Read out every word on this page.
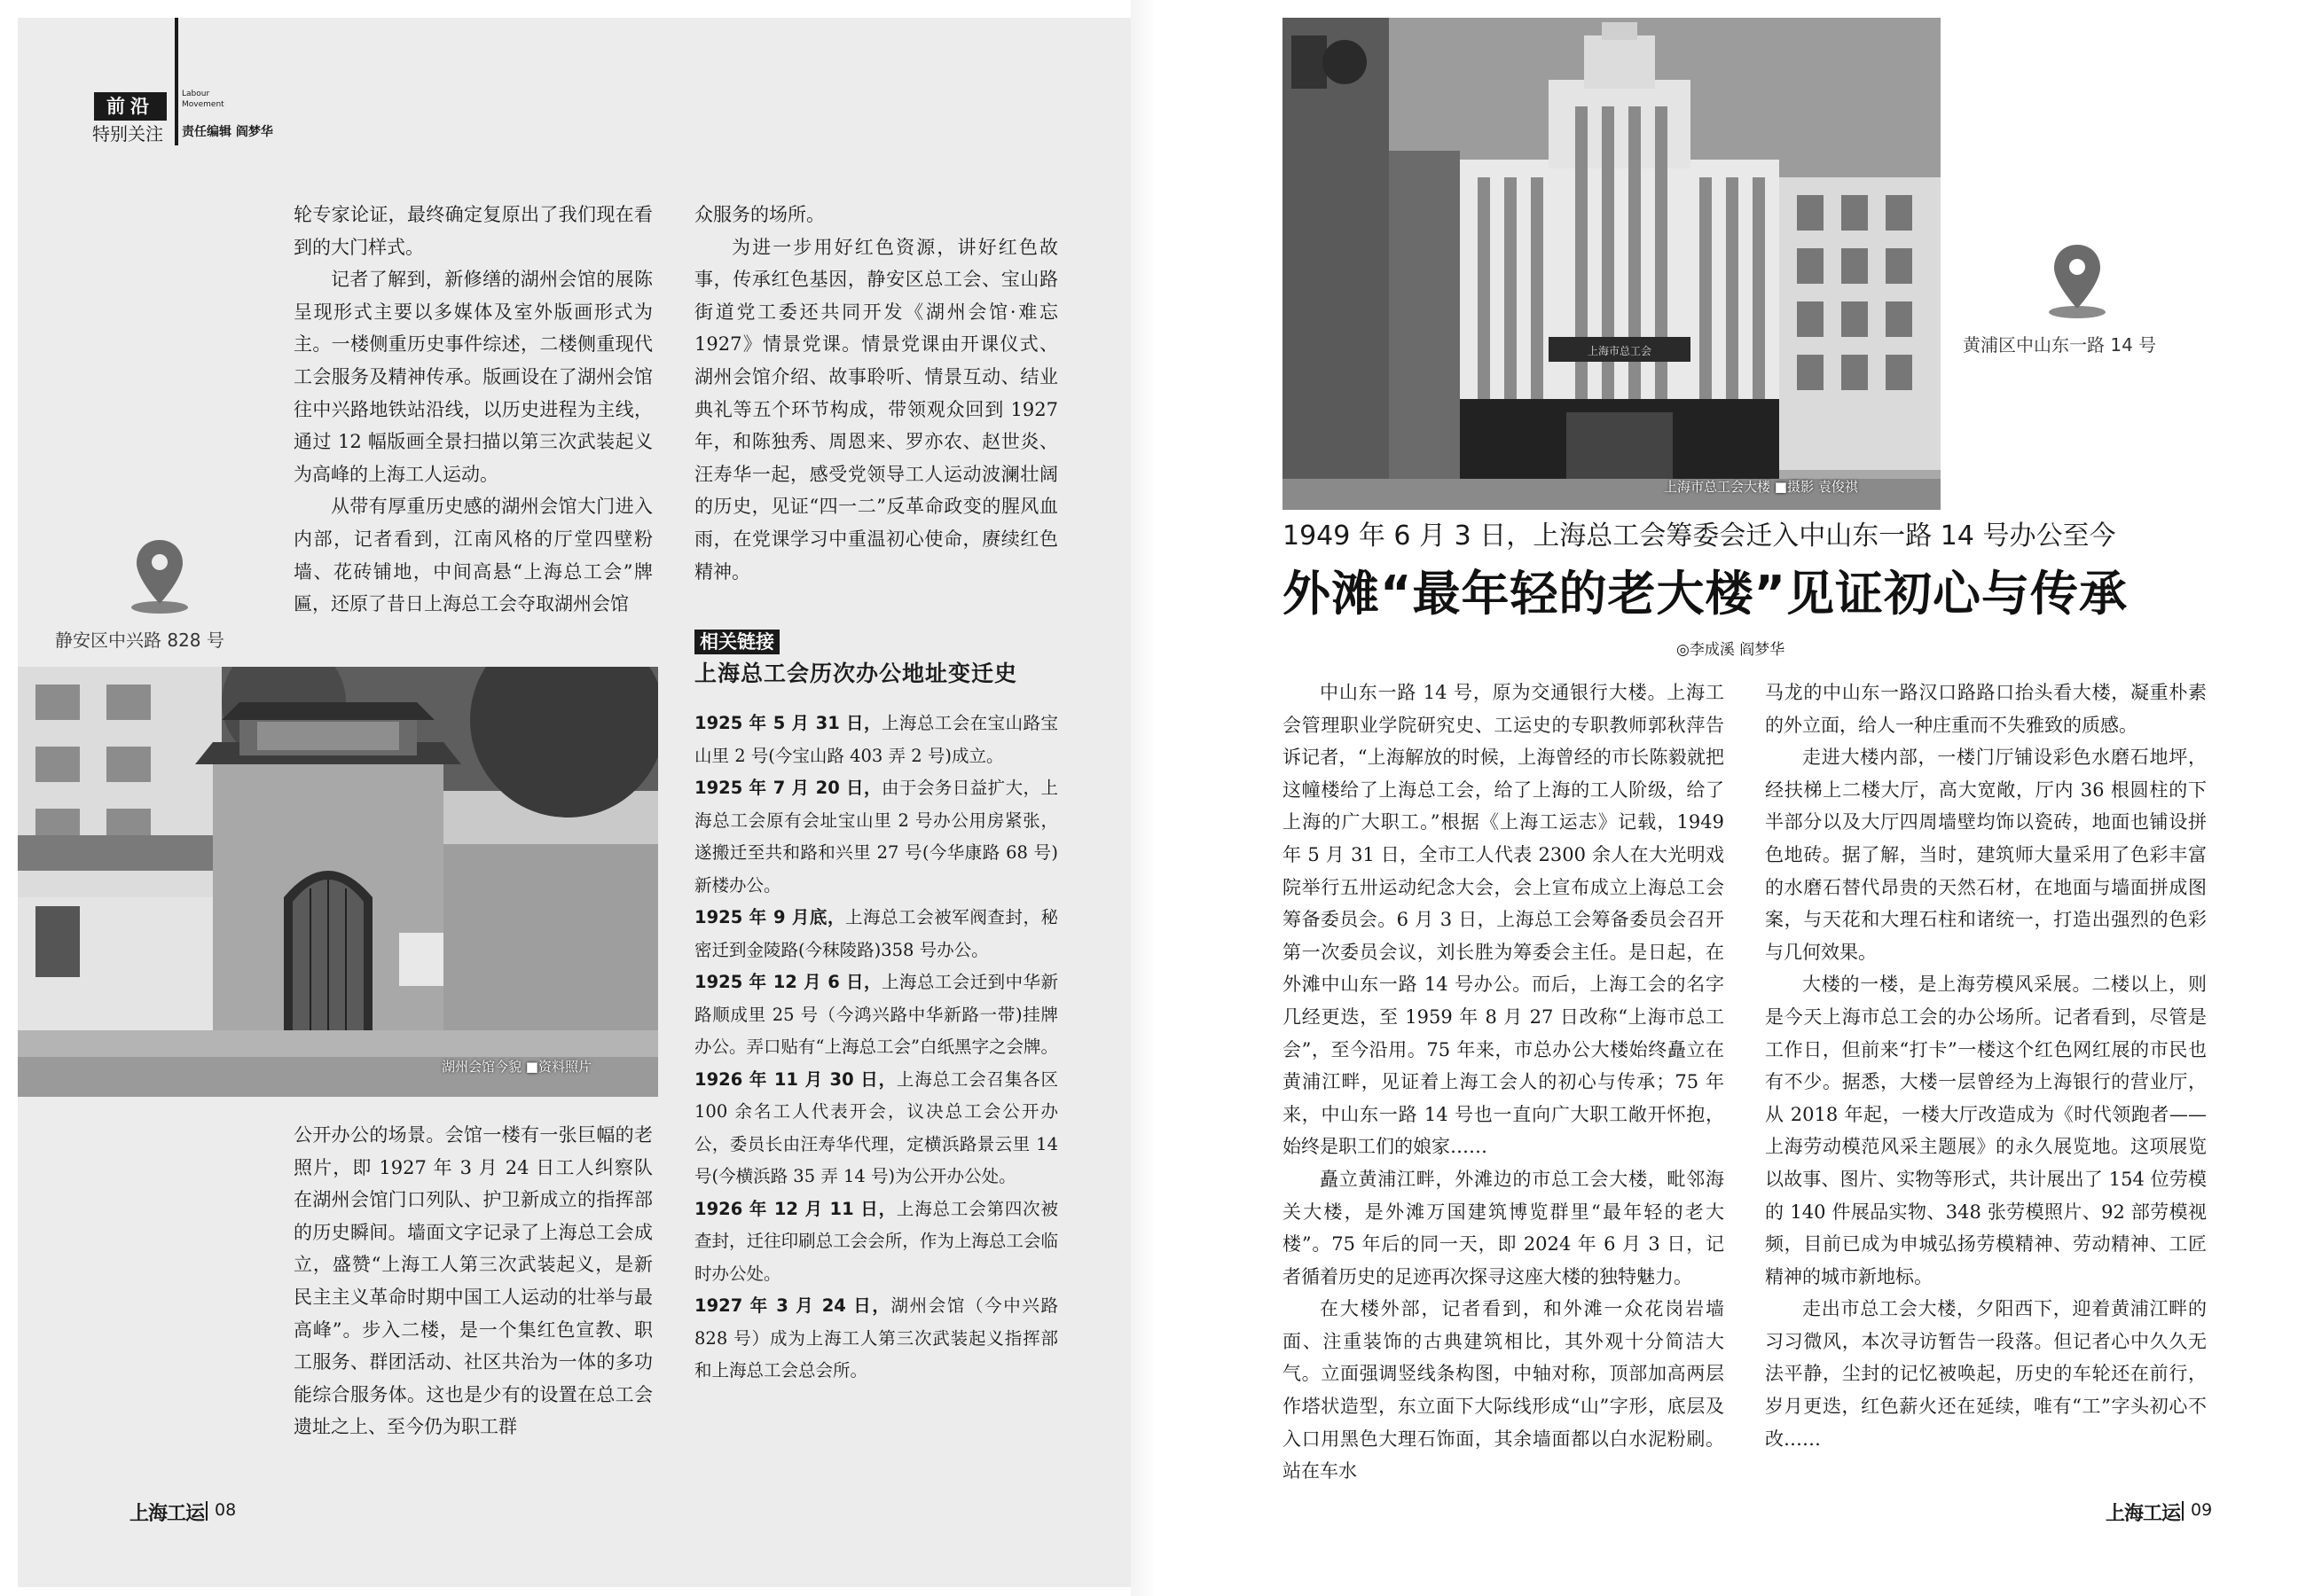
前沿
特别关注
Labour Movement
责任编辑 阎梦华

轮专家论证，最终确定复原出了我们现在看到的大门样式。

记者了解到，新修缮的湖州会馆的展陈呈现形式主要以多媒体及室外版画形式为主。一楼侧重历史事件综述，二楼侧重现代工会服务及精神传承。版画设在了湖州会馆往中兴路地铁站沿线，以历史进程为主线，通过 12 幅版画全景扫描以第三次武装起义为高峰的上海工人运动。

从带有厚重历史感的湖州会馆大门进入内部，记者看到，江南风格的厅堂四壁粉墙、花砖铺地，中间高悬“上海总工会”牌匾，还原了昔日上海总工会夺取湖州会馆

静安区中兴路 828 号
湖州会馆今貌 ■资料照片

公开办公的场景。会馆一楼有一张巨幅的老照片，即 1927 年 3 月 24 日工人纠察队在湖州会馆门口列队、护卫新成立的指挥部的历史瞬间。墙面文字记录了上海总工会成立，盛赞“上海工人第三次武装起义，是新民主主义革命时期中国工人运动的壮举与最高峰”。步入二楼，是一个集红色宣教、职工服务、群团活动、社区共治为一体的多功能综合服务体。这也是少有的设置在总工会遗址之上、至今仍为职工群

众服务的场所。

为进一步用好红色资源，讲好红色故事，传承红色基因，静安区总工会、宝山路街道党工委还共同开发《湖州会馆·难忘1927》情景党课。情景党课由开课仪式、湖州会馆介绍、故事聆听、情景互动、结业典礼等五个环节构成，带领观众回到 1927年，和陈独秀、周恩来、罗亦农、赵世炎、汪寿华一起，感受党领导工人运动波澜壮阔的历史，见证“四一二”反革命政变的腥风血雨，在党课学习中重温初心使命，赓续红色精神。

相关链接
上海总工会历次办公地址变迁史

1925 年 5 月 31 日，上海总工会在宝山路宝山里 2 号(今宝山路 403 弄 2 号)成立。

1925 年 7 月 20 日，由于会务日益扩大，上海总工会原有会址宝山里 2 号办公用房紧张，遂搬迁至共和路和兴里 27 号(今华康路 68 号)新楼办公。

1925 年 9 月底，上海总工会被军阀查封，秘密迁到金陵路(今秣陵路)358 号办公。

1925 年 12 月 6 日，上海总工会迁到中华新路顺成里 25 号（今鸿兴路中华新路一带)挂牌办公。弄口贴有“上海总工会”白纸黑字之会牌。

1926 年 11 月 30 日，上海总工会召集各区 100 余名工人代表开会，议决总工会公开办公，委员长由汪寿华代理，定横浜路景云里 14 号(今横浜路 35 弄 14 号)为公开办公处。

1926 年 12 月 11 日，上海总工会第四次被查封，迁往印刷总工会会所，作为上海总工会临时办公处。

1927 年 3 月 24 日，湖州会馆（今中兴路 828 号）成为上海工人第三次武装起义指挥部和上海总工会总会所。

上海工运 08
上海市总工会
上海市总工会大楼 ■摄影 袁俊祺
黄浦区中山东一路 14 号
1949 年 6 月 3 日，上海总工会筹委会迁入中山东一路 14 号办公至今
外滩“最年轻的老大楼”见证初心与传承
◎李成溪 阎梦华

中山东一路 14 号，原为交通银行大楼。上海工会管理职业学院研究史、工运史的专职教师郭秋萍告诉记者，“上海解放的时候，上海曾经的市长陈毅就把这幢楼给了上海总工会，给了上海的工人阶级，给了上海的广大职工。”根据《上海工运志》记载，1949 年 5 月 31 日，全市工人代表 2300 余人在大光明戏院举行五卅运动纪念大会，会上宣布成立上海总工会筹备委员会。6 月 3 日，上海总工会筹备委员会召开第一次委员会议，刘长胜为筹委会主任。是日起，在外滩中山东一路 14 号办公。而后，上海工会的名字几经更迭，至 1959 年 8 月 27 日改称“上海市总工会”，至今沿用。75 年来，市总办公大楼始终矗立在黄浦江畔，见证着上海工会人的初心与传承；75 年来，中山东一路 14 号也一直向广大职工敞开怀抱，始终是职工们的娘家……

矗立黄浦江畔，外滩边的市总工会大楼，毗邻海关大楼，是外滩万国建筑博览群里“最年轻的老大楼”。75 年后的同一天，即 2024 年 6 月 3 日，记者循着历史的足迹再次探寻这座大楼的独特魅力。

在大楼外部，记者看到，和外滩一众花岗岩墙面、注重装饰的古典建筑相比，其外观十分简洁大气。立面强调竖线条构图，中轴对称，顶部加高两层作塔状造型，东立面下大际线形成“山”字形，底层及入口用黑色大理石饰面，其余墙面都以白水泥粉刷。站在车水

马龙的中山东一路汉口路路口抬头看大楼，凝重朴素的外立面，给人一种庄重而不失雅致的质感。

走进大楼内部，一楼门厅铺设彩色水磨石地坪，经扶梯上二楼大厅，高大宽敞，厅内 36 根圆柱的下半部分以及大厅四周墙壁均饰以瓷砖，地面也铺设拼色地砖。据了解，当时，建筑师大量采用了色彩丰富的水磨石替代昂贵的天然石材，在地面与墙面拼成图案，与天花和大理石柱和诸统一，打造出强烈的色彩与几何效果。

大楼的一楼，是上海劳模风采展。二楼以上，则是今天上海市总工会的办公场所。记者看到，尽管是工作日，但前来“打卡”一楼这个红色网红展的市民也有不少。据悉，大楼一层曾经为上海银行的营业厅，从 2018 年起，一楼大厅改造成为《时代领跑者——上海劳动模范风采主题展》的永久展览地。这项展览以故事、图片、实物等形式，共计展出了 154 位劳模的 140 件展品实物、348 张劳模照片、92 部劳模视频，目前已成为申城弘扬劳模精神、劳动精神、工匠精神的城市新地标。

走出市总工会大楼，夕阳西下，迎着黄浦江畔的习习微风，本次寻访暂告一段落。但记者心中久久无法平静，尘封的记忆被唤起，历史的车轮还在前行，岁月更迭，红色薪火还在延续，唯有“工”字头初心不改……

上海工运 09
